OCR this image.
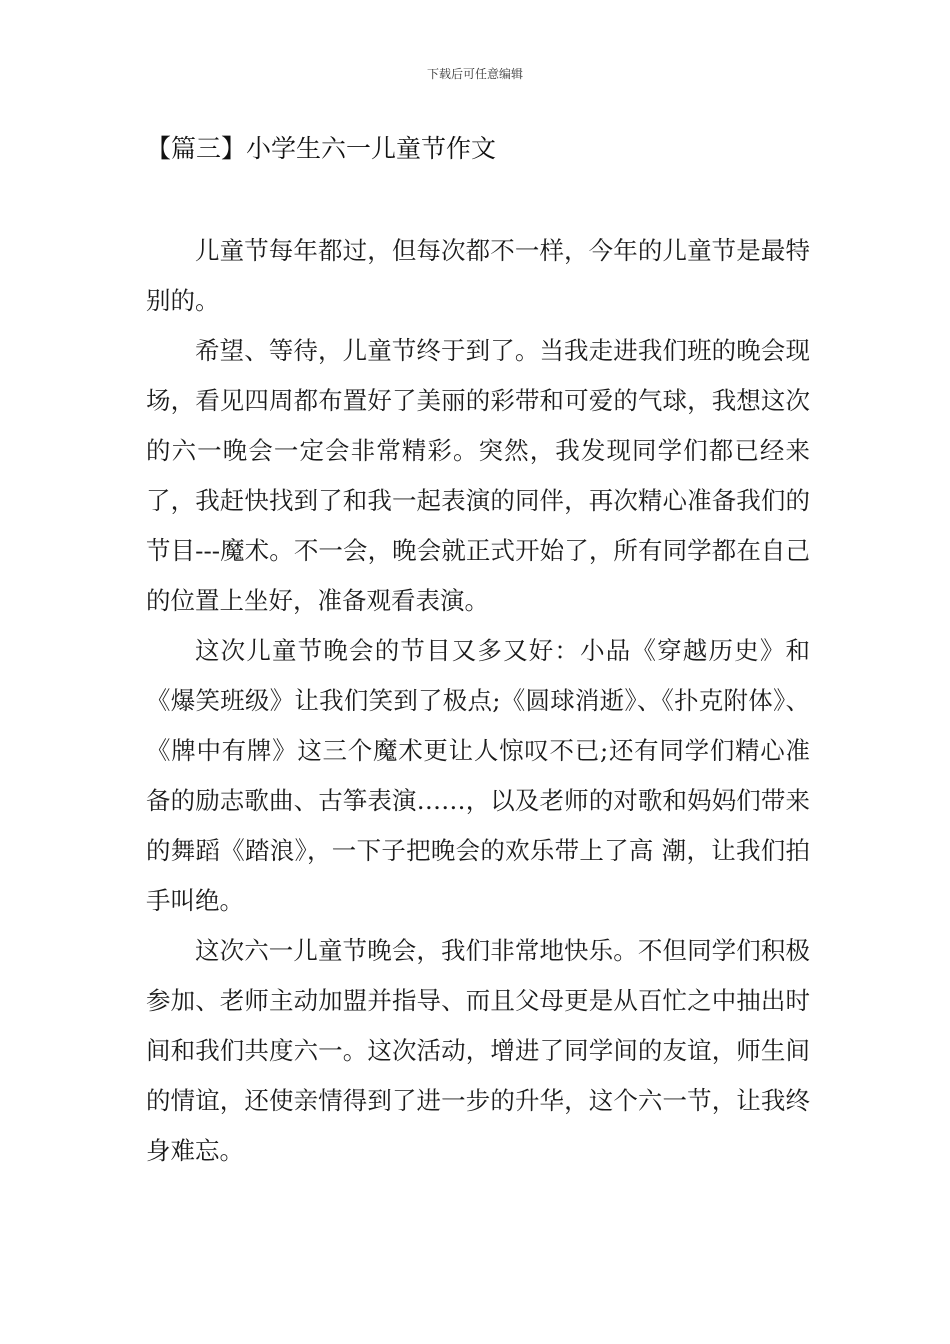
下载后可任意编辑
【篇三】小学生六一儿童节作文

儿童节每年都过，但每次都不一样，今年的儿童节是最特别的。

希望、等待，儿童节终于到了。当我走进我们班的晚会现场，看见四周都布置好了美丽的彩带和可爱的气球，我想这次的六一晚会一定会非常精彩。突然，我发现同学们都已经来了，我赶快找到了和我一起表演的同伴，再次精心准备我们的节目---魔术。不一会，晚会就正式开始了，所有同学都在自己的位置上坐好，准备观看表演。

这次儿童节晚会的节目又多又好：小品《穿越历史》和《爆笑班级》让我们笑到了极点;《圆球消逝》、《扑克附体》、《牌中有牌》这三个魔术更让人惊叹不已;还有同学们精心准备的励志歌曲、古筝表演……，以及老师的对歌和妈妈们带来的舞蹈《踏浪》，一下子把晚会的欢乐带上了高 潮，让我们拍手叫绝。

这次六一儿童节晚会，我们非常地快乐。不但同学们积极参加、老师主动加盟并指导、而且父母更是从百忙之中抽出时间和我们共度六一。这次活动，增进了同学间的友谊，师生间的情谊，还使亲情得到了进一步的升华，这个六一节，让我终身难忘。
